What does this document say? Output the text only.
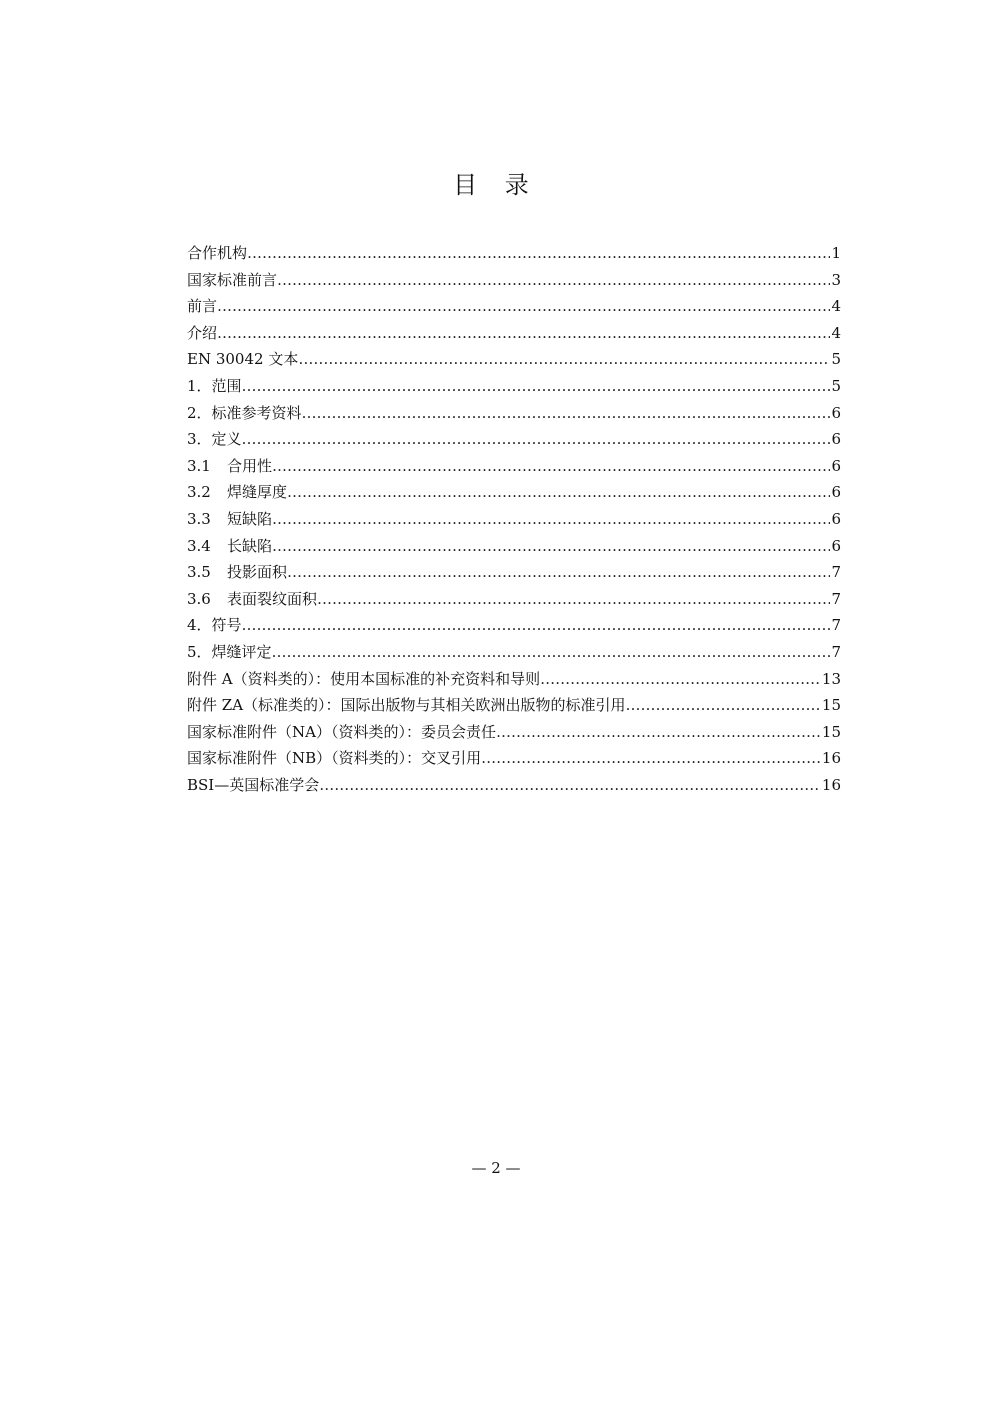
目 录
合作机构 ……………………………………………………………………………………………………………………………………………………………………………………………………	1
国家标准前言 ……………………………………………………………………………………………………………………………………………………………………………………………………	3
前言 ……………………………………………………………………………………………………………………………………………………………………………………………………	4
介绍 ……………………………………………………………………………………………………………………………………………………………………………………………………	4
EN 30042 文本 ……………………………………………………………………………………………………………………………………………………………………………………………………	5
1．范围 ……………………………………………………………………………………………………………………………………………………………………………………………………	5
2．标准参考资料 ……………………………………………………………………………………………………………………………………………………………………………………………………	6
3．定义 ……………………………………………………………………………………………………………………………………………………………………………………………………	6
3.1	合用性 ……………………………………………………………………………………………………………………………………………………………………………………………………	6
3.2	焊缝厚度 ……………………………………………………………………………………………………………………………………………………………………………………………………	6
3.3	短缺陷 ……………………………………………………………………………………………………………………………………………………………………………………………………	6
3.4	长缺陷 ……………………………………………………………………………………………………………………………………………………………………………………………………	6
3.5	投影面积 ……………………………………………………………………………………………………………………………………………………………………………………………………	7
3.6	表面裂纹面积 ……………………………………………………………………………………………………………………………………………………………………………………………………	7
4．符号 ……………………………………………………………………………………………………………………………………………………………………………………………………	7
5．焊缝评定 ……………………………………………………………………………………………………………………………………………………………………………………………………	7
附件 A（资料类的）：使用本国标准的补充资料和导则 ……………………………………………………………………………………………………………………………………………………………………………………………………	13
附件 ZA（标准类的）：国际出版物与其相关欧洲出版物的标准引用 ……………………………………………………………………………………………………………………………………………………………………………………………………	15
国家标准附件（NA）（资料类的）：委员会责任 ……………………………………………………………………………………………………………………………………………………………………………………………………	15
国家标准附件（NB）（资料类的）：交叉引用 ……………………………………………………………………………………………………………………………………………………………………………………………………	16
BSI—英国标准学会 ……………………………………………………………………………………………………………………………………………………………………………………………………	16
— 2 —
